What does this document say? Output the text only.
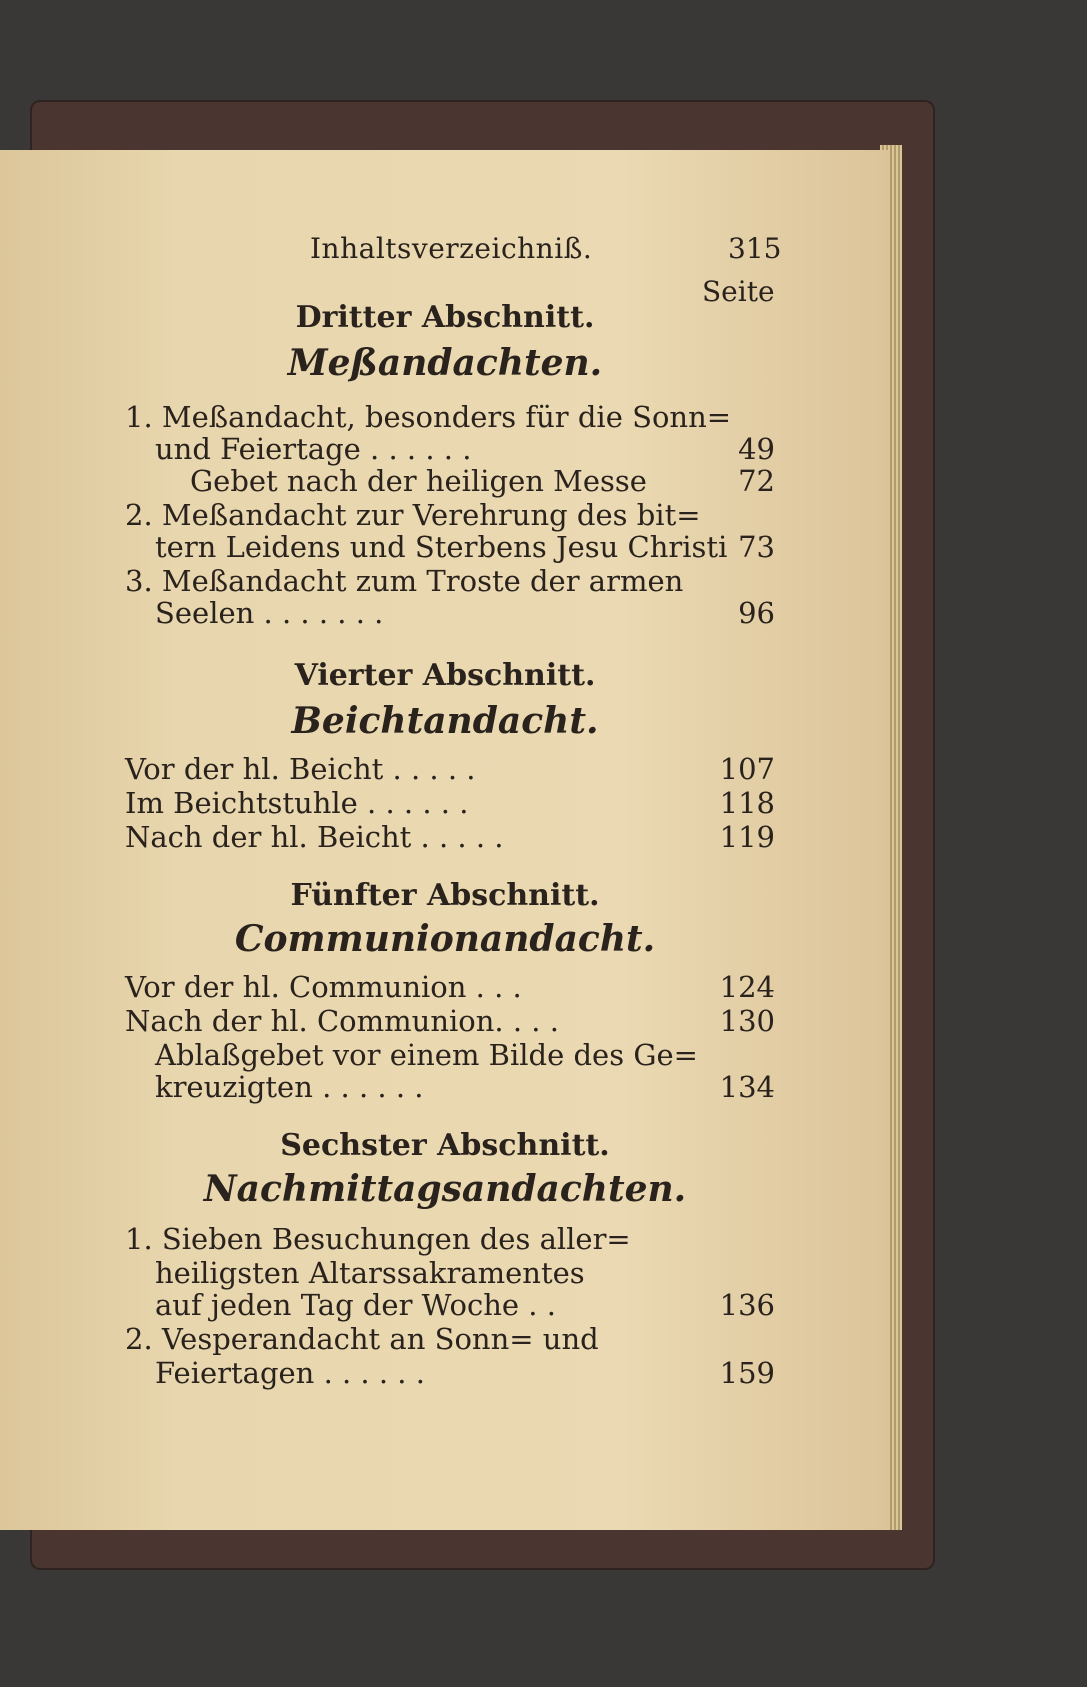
Inhaltsverzeichniß.	315
Seite
Dritter Abschnitt.
Meßandachten.
1. Meßandacht, besonders für die Sonn=
und Feiertage . . . . . .	49
Gebet nach der heiligen Messe	72
2. Meßandacht zur Verehrung des bit=
tern Leidens und Sterbens Jesu Christi 73
3. Meßandacht zum Troste der armen
Seelen . . . . . . .	96
Vierter Abschnitt.
Beichtandacht.
Vor der hl. Beicht . . . . .	107
Im Beichtstuhle . . . . . .	118
Nach der hl. Beicht . . . . .	119
Fünfter Abschnitt.
Communionandacht.
Vor der hl. Communion . . .	124
Nach der hl. Communion. . . .	130
Ablaßgebet vor einem Bilde des Ge=
kreuzigten . . . . . .	134
Sechster Abschnitt.
Nachmittagsandachten.
1. Sieben Besuchungen des aller=
heiligsten Altarssakramentes
auf jeden Tag der Woche . .	136
2. Vesperandacht an Sonn= und
Feiertagen . . . . . .	159
